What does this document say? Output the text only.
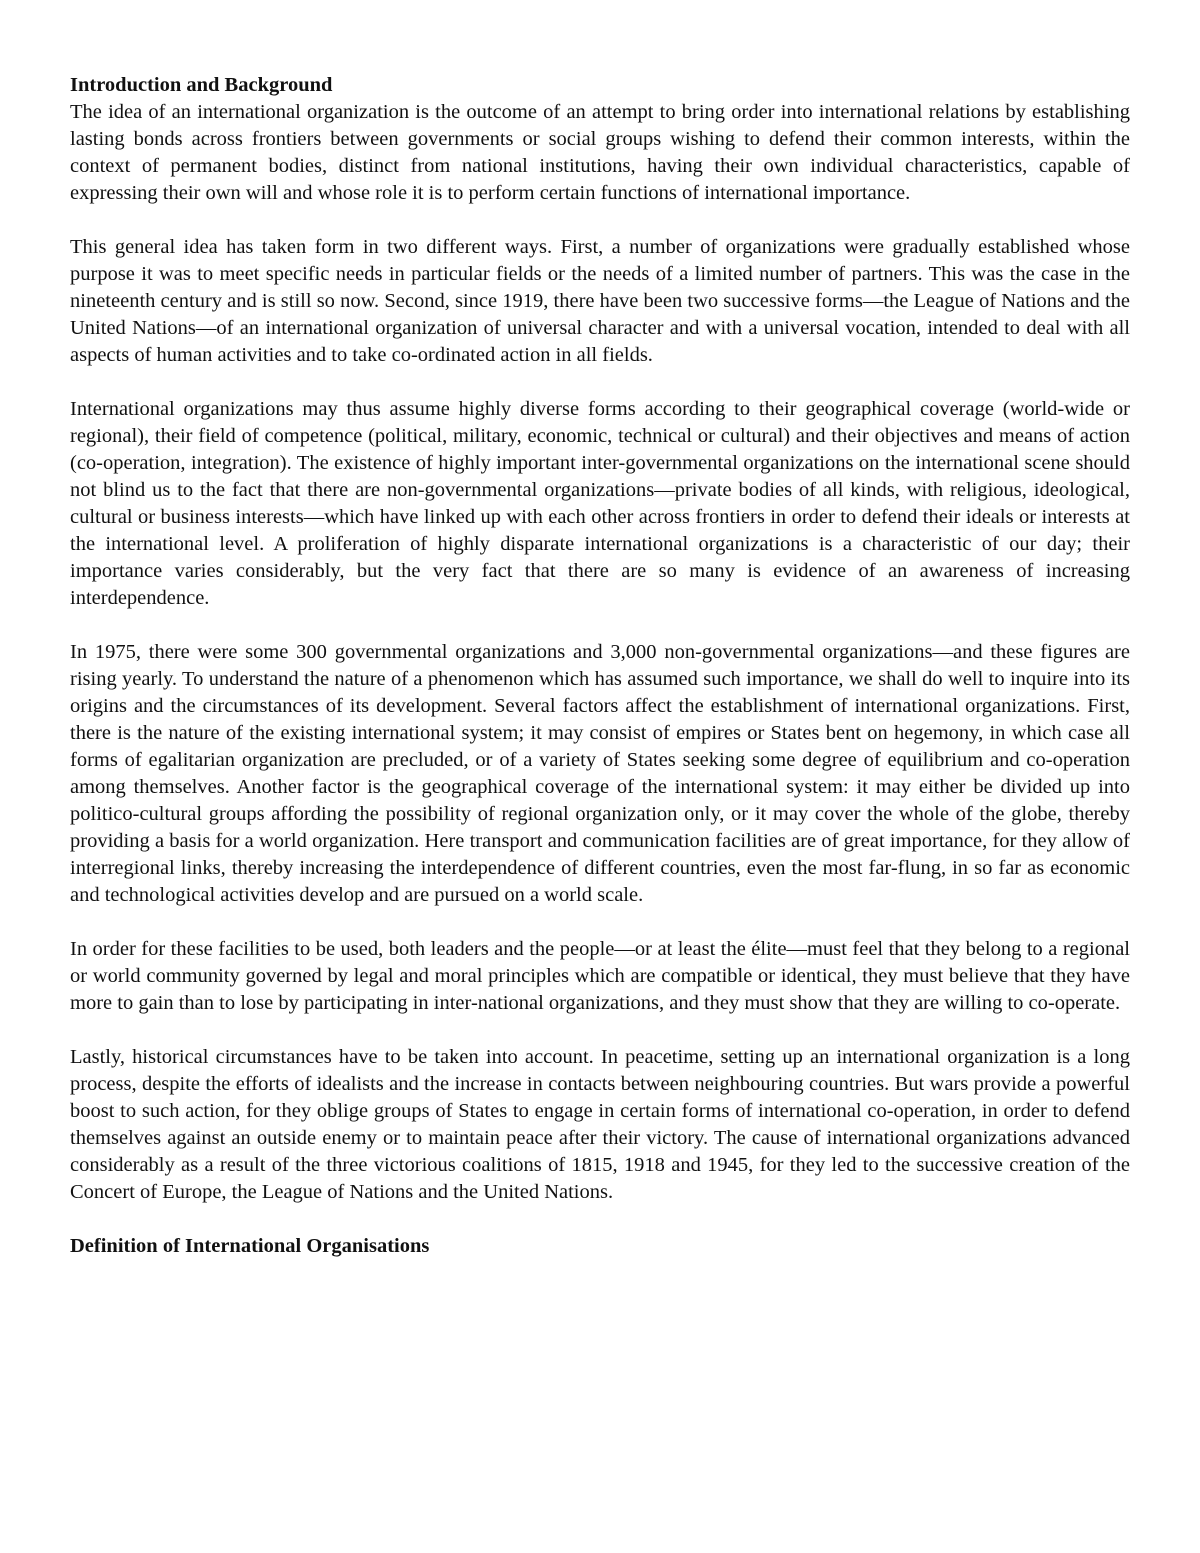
Introduction and Background

The idea of an international organization is the outcome of an attempt to bring order into international relations by establishing lasting bonds across frontiers between governments or social groups wishing to defend their common interests, within the context of permanent bodies, distinct from national institutions, having their own individual characteristics, capable of expressing their own will and whose role it is to perform certain functions of international importance.

This general idea has taken form in two different ways. First, a number of organizations were gradually established whose purpose it was to meet specific needs in particular fields or the needs of a limited number of partners. This was the case in the nineteenth century and is still so now. Second, since 1919, there have been two successive forms—the League of Nations and the United Nations—of an international organization of universal character and with a universal vocation, intended to deal with all aspects of human activities and to take co-ordinated action in all fields.

International organizations may thus assume highly diverse forms according to their geographical coverage (world-wide or regional), their field of competence (political, military, economic, technical or cultural) and their objectives and means of action (co-operation, integration). The existence of highly important inter-governmental organizations on the international scene should not blind us to the fact that there are non-governmental organizations—private bodies of all kinds, with religious, ideological, cultural or business interests—which have linked up with each other across frontiers in order to defend their ideals or interests at the international level. A proliferation of highly disparate international organizations is a characteristic of our day; their importance varies considerably, but the very fact that there are so many is evidence of an awareness of increasing interdependence.

In 1975, there were some 300 governmental organizations and 3,000 non-governmental organizations—and these figures are rising yearly. To understand the nature of a phenomenon which has assumed such importance, we shall do well to inquire into its origins and the circumstances of its development. Several factors affect the establishment of international organizations. First, there is the nature of the existing international system; it may consist of empires or States bent on hegemony, in which case all forms of egalitarian organization are precluded, or of a variety of States seeking some degree of equilibrium and co-operation among themselves. Another factor is the geographical coverage of the international system: it may either be divided up into politico-cultural groups affording the possibility of regional organization only, or it may cover the whole of the globe, thereby providing a basis for a world organization. Here transport and communication facilities are of great importance, for they allow of interregional links, thereby increasing the interdependence of different countries, even the most far-flung, in so far as economic and technological activities develop and are pursued on a world scale.

In order for these facilities to be used, both leaders and the people—or at least the élite—must feel that they belong to a regional or world community governed by legal and moral principles which are compatible or identical, they must believe that they have more to gain than to lose by participating in inter-national organizations, and they must show that they are willing to co-operate.

Lastly, historical circumstances have to be taken into account. In peacetime, setting up an international organization is a long process, despite the efforts of idealists and the increase in contacts between neighbouring countries. But wars provide a powerful boost to such action, for they oblige groups of States to engage in certain forms of international co-operation, in order to defend themselves against an outside enemy or to maintain peace after their victory. The cause of international organizations advanced considerably as a result of the three victorious coalitions of 1815, 1918 and 1945, for they led to the successive creation of the Concert of Europe, the League of Nations and the United Nations.

Definition of International Organisations
